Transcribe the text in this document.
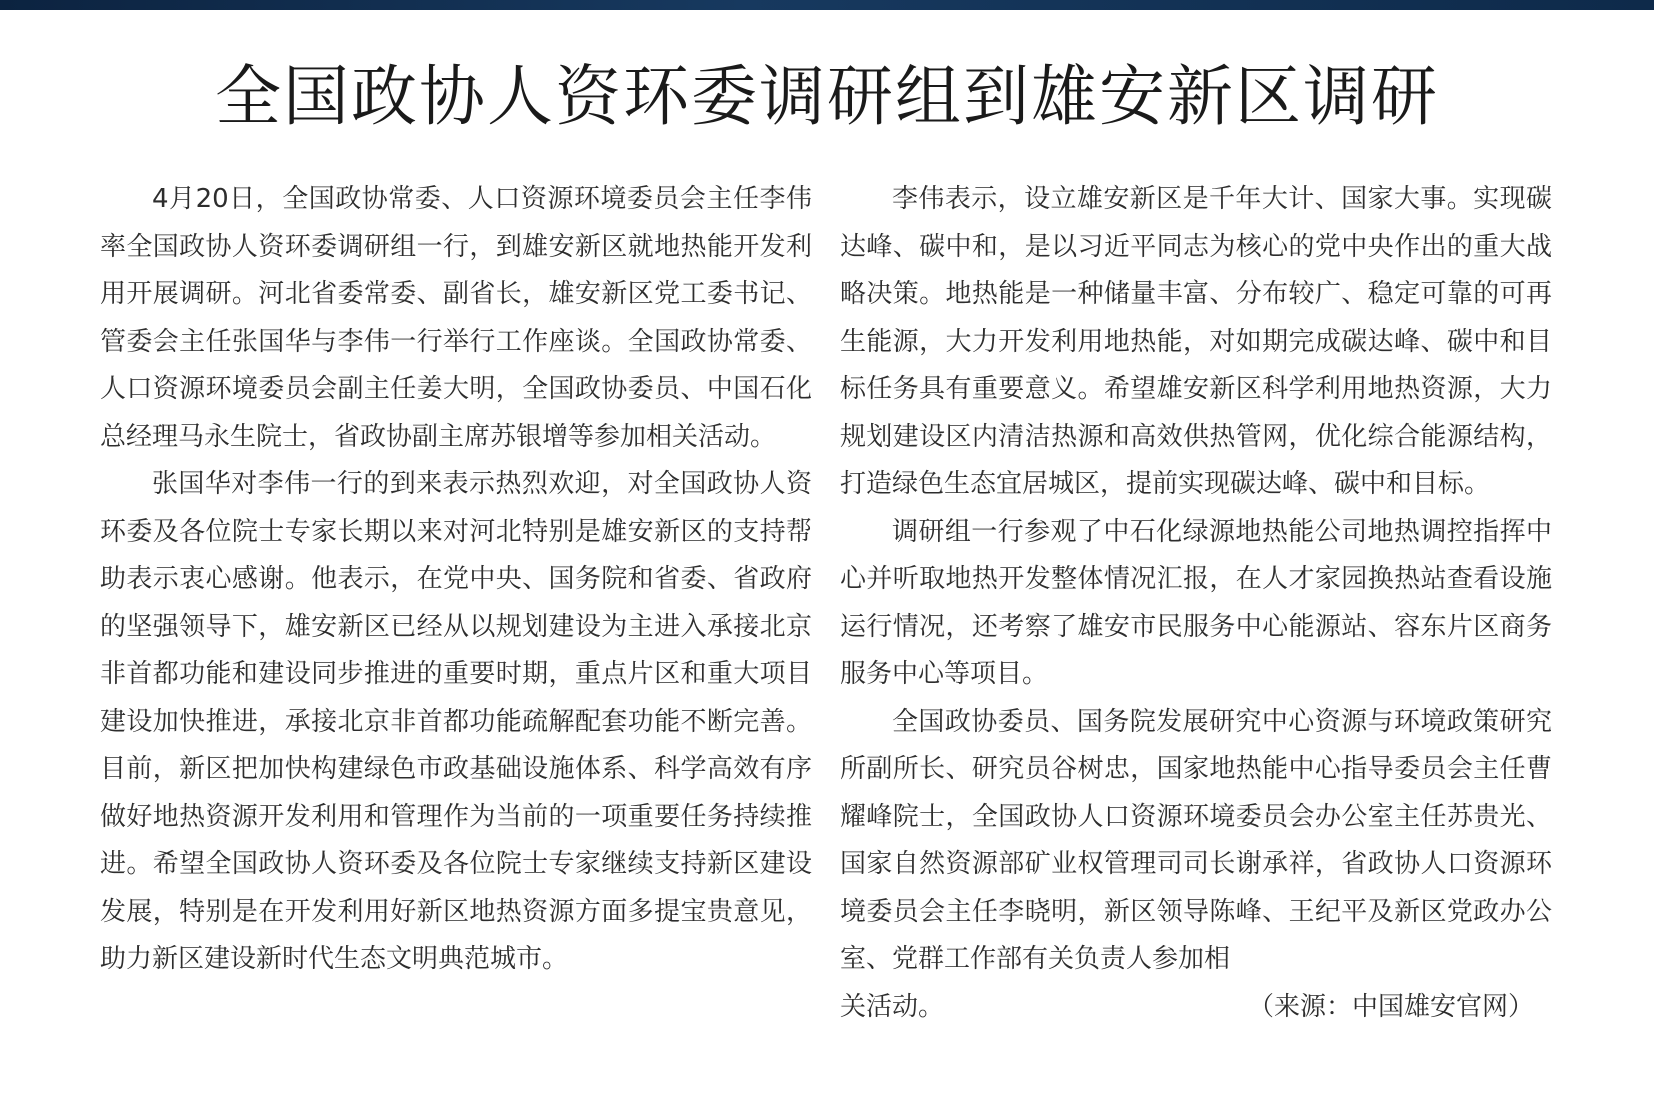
全国政协人资环委调研组到雄安新区调研

4月20日，全国政协常委、人口资源环境委员会主任李伟率全国政协人资环委调研组一行，到雄安新区就地热能开发利用开展调研。河北省委常委、副省长，雄安新区党工委书记、管委会主任张国华与李伟一行举行工作座谈。全国政协常委、人口资源环境委员会副主任姜大明，全国政协委员、中国石化总经理马永生院士，省政协副主席苏银增等参加相关活动。

张国华对李伟一行的到来表示热烈欢迎，对全国政协人资环委及各位院士专家长期以来对河北特别是雄安新区的支持帮助表示衷心感谢。他表示，在党中央、国务院和省委、省政府的坚强领导下，雄安新区已经从以规划建设为主进入承接北京非首都功能和建设同步推进的重要时期，重点片区和重大项目建设加快推进，承接北京非首都功能疏解配套功能不断完善。目前，新区把加快构建绿色市政基础设施体系、科学高效有序做好地热资源开发利用和管理作为当前的一项重要任务持续推进。希望全国政协人资环委及各位院士专家继续支持新区建设发展，特别是在开发利用好新区地热资源方面多提宝贵意见，助力新区建设新时代生态文明典范城市。

李伟表示，设立雄安新区是千年大计、国家大事。实现碳达峰、碳中和，是以习近平同志为核心的党中央作出的重大战略决策。地热能是一种储量丰富、分布较广、稳定可靠的可再生能源，大力开发利用地热能，对如期完成碳达峰、碳中和目标任务具有重要意义。希望雄安新区科学利用地热资源，大力规划建设区内清洁热源和高效供热管网，优化综合能源结构，打造绿色生态宜居城区，提前实现碳达峰、碳中和目标。

调研组一行参观了中石化绿源地热能公司地热调控指挥中心并听取地热开发整体情况汇报，在人才家园换热站查看设施运行情况，还考察了雄安市民服务中心能源站、容东片区商务服务中心等项目。

全国政协委员、国务院发展研究中心资源与环境政策研究所副所长、研究员谷树忠，国家地热能中心指导委员会主任曹耀峰院士，全国政协人口资源环境委员会办公室主任苏贵光、国家自然资源部矿业权管理司司长谢承祥，省政协人口资源环境委员会主任李晓明，新区领导陈峰、王纪平及新区党政办公室、党群工作部有关负责人参加相

关活动。	（来源：中国雄安官网）
